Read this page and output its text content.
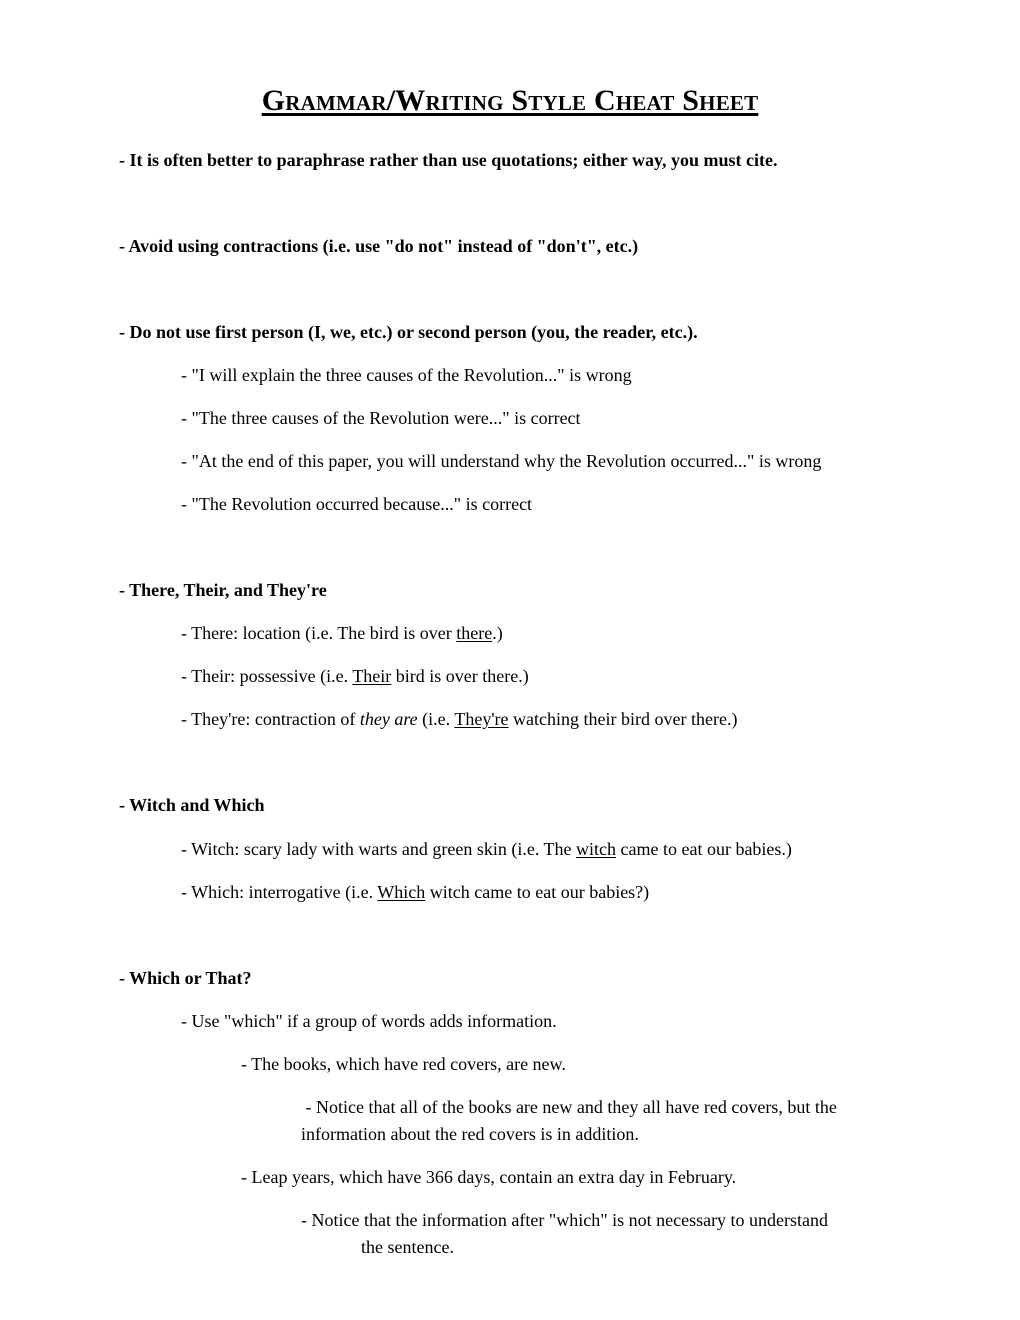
Grammar/Writing Style Cheat Sheet
- It is often better to paraphrase rather than use quotations; either way, you must cite.
- Avoid using contractions (i.e. use "do not" instead of "don't", etc.)
- Do not use first person (I, we, etc.) or second person (you, the reader, etc.).
- "I will explain the three causes of the Revolution..." is wrong
- "The three causes of the Revolution were..." is correct
- "At the end of this paper, you will understand why the Revolution occurred..." is wrong
- "The Revolution occurred because..." is correct
- There, Their, and They're
- There: location (i.e. The bird is over there.)
- Their: possessive (i.e. Their bird is over there.)
- They're: contraction of they are (i.e. They're watching their bird over there.)
- Witch and Which
- Witch: scary lady with warts and green skin (i.e. The witch came to eat our babies.)
- Which: interrogative (i.e. Which witch came to eat our babies?)
- Which or That?
- Use "which" if a group of words adds information.
- The books, which have red covers, are new.
- Notice that all of the books are new and they all have red covers, but the
information about the red covers is in addition.
- Leap years, which have 366 days, contain an extra day in February.
- Notice that the information after "which" is not necessary to understand
the sentence.
